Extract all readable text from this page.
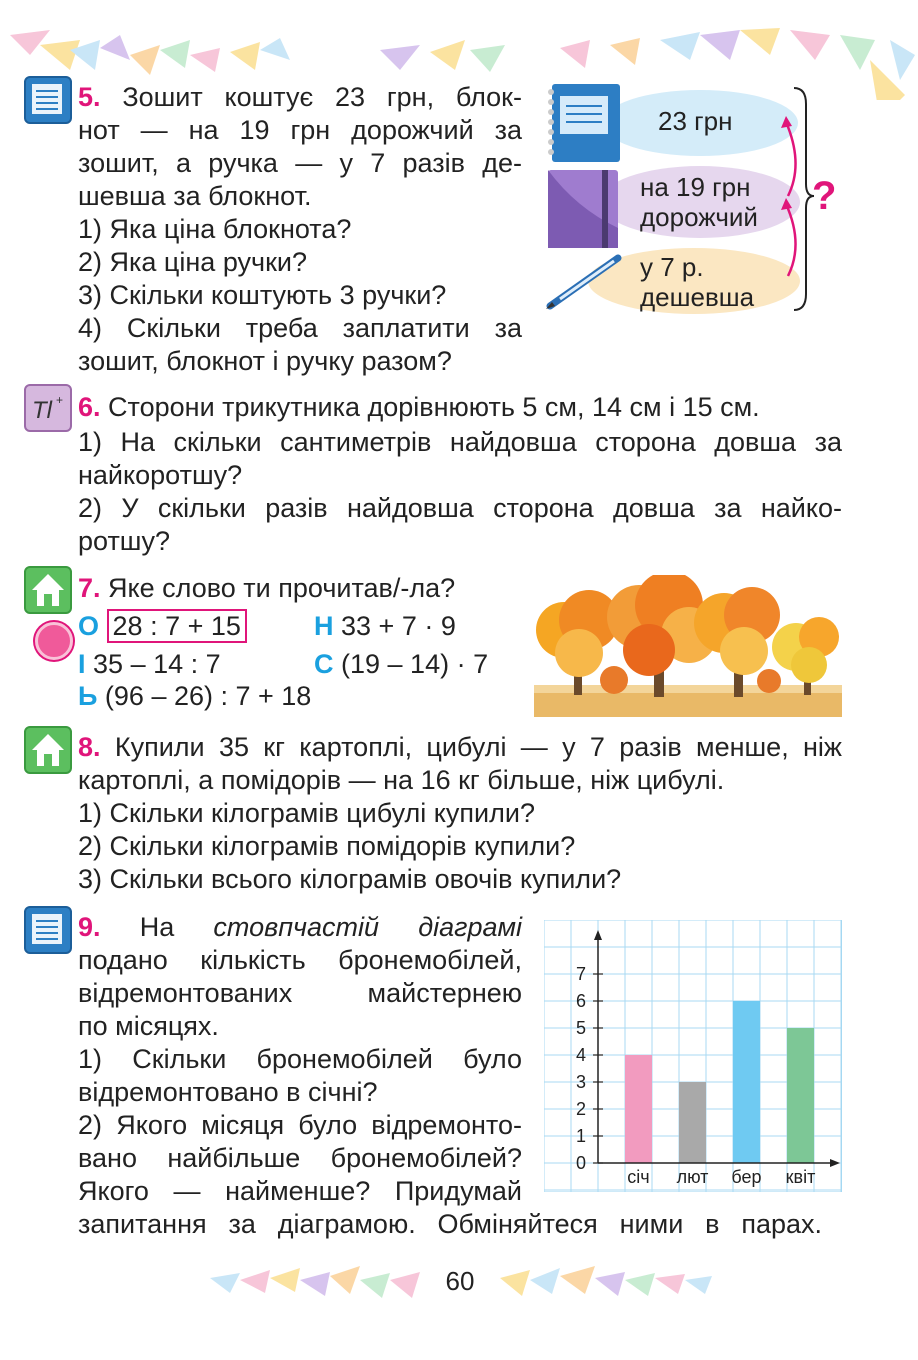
5. Зошит коштує 23 грн, блок-
нот — на 19 грн дорожчий за
зошит, а ручка — у 7 разів де-
шевша за блокнот.
1) Яка ціна блокнота?
2) Яка ціна ручки?
3) Скільки коштують 3 ручки?
4) Скільки треба заплатити за
зошит, блокнот і ручку разом?
23 грн
на 19 грн
дорожчий
у 7 р.
дешевша
?
Tl + 6. Сторони трикутника дорівнюють 5 см, 14 см і 15 см.
1) На скільки сантиметрів найдовша сторона довша за
найкоротшу?
2) У скільки разів найдовша сторона довша за найко-
ротшу?
7. Яке слово ти прочитав/-ла?
О 28 : 7 + 15	Н 33 + 7 · 9
І 35 – 14 : 7	С (19 – 14) · 7
Ь (96 – 26) : 7 + 18
8. Купили 35 кг картоплі, цибулі — у 7 разів менше, ніж
картоплі, а помідорів — на 16 кг більше, ніж цибулі.
1) Скільки кілограмів цибулі купили?
2) Скільки кілограмів помідорів купили?
3) Скільки всього кілограмів овочів купили?
9. На стовпчастій діаграмі
подано кількість бронемобілей,
відремонтованих майстернею
по місяцях.
1) Скільки бронемобілей було
відремонтовано в січні?
2) Якого місяця було відремонто-
вано найбільше бронемобілей?
Якого — найменше? Придумай
запитання за діаграмою. Обміняйтеся ними в парах.
січ лют бер квіт
0
1
2
3
4
5
6
7
60
